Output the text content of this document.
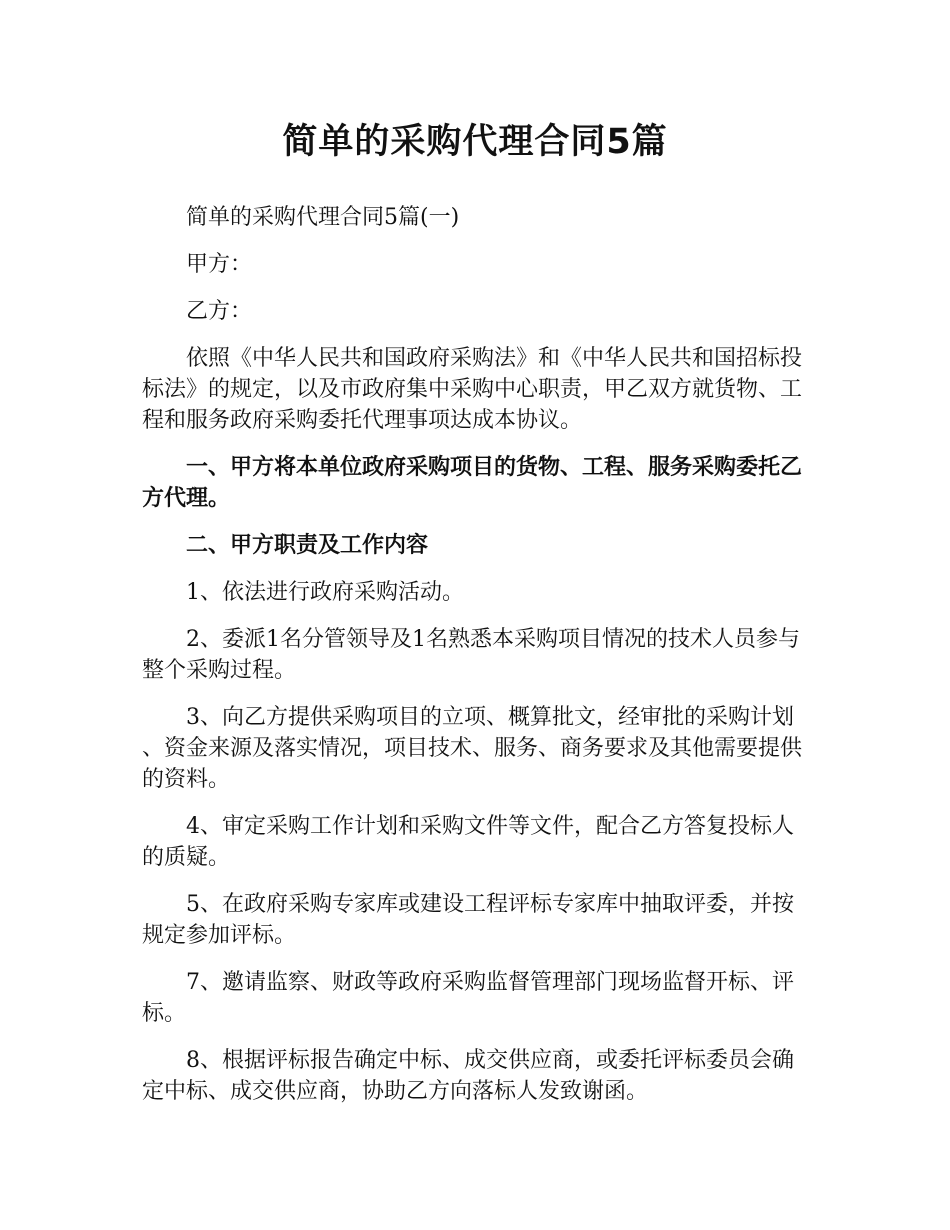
简单的采购代理合同5篇

简单的采购代理合同5篇(一)

甲方：

乙方：

依照《中华人民共和国政府采购法》和《中华人民共和国招标投标法》的规定，以及市政府集中采购中心职责，甲乙双方就货物、工程和服务政府采购委托代理事项达成本协议。

一、甲方将本单位政府采购项目的货物、工程、服务采购委托乙方代理。

二、甲方职责及工作内容

1、依法进行政府采购活动。

2、委派1名分管领导及1名熟悉本采购项目情况的技术人员参与整个采购过程。

3、向乙方提供采购项目的立项、概算批文，经审批的采购计划、资金来源及落实情况，项目技术、服务、商务要求及其他需要提供的资料。

4、审定采购工作计划和采购文件等文件，配合乙方答复投标人的质疑。

5、在政府采购专家库或建设工程评标专家库中抽取评委，并按规定参加评标。

7、邀请监察、财政等政府采购监督管理部门现场监督开标、评标。

8、根据评标报告确定中标、成交供应商，或委托评标委员会确定中标、成交供应商，协助乙方向落标人发致谢函。
